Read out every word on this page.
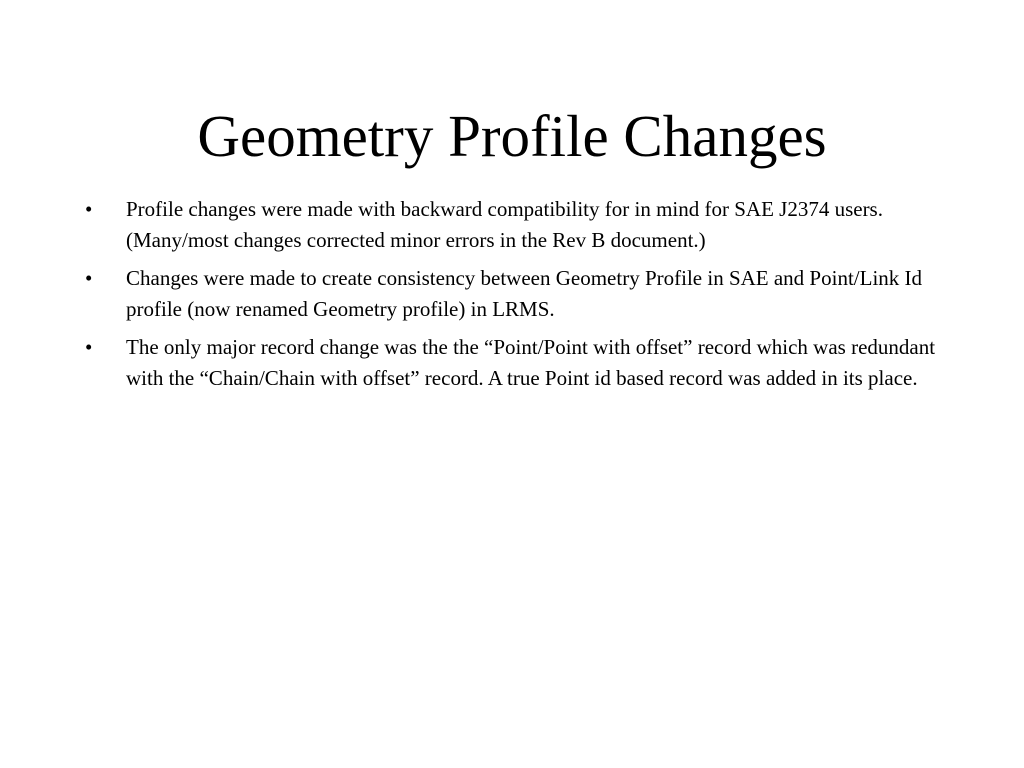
Geometry Profile Changes
• Profile changes were made with backward compatibility for in mind for SAE J2374 users. (Many/most changes corrected minor errors in the Rev B document.)
• Changes were made to create consistency between Geometry Profile in SAE and Point/Link Id profile (now renamed Geometry profile) in LRMS.
• The only major record change was the the “Point/Point with offset” record which was redundant with the “Chain/Chain with offset” record. A true Point id based record was added in its place.
